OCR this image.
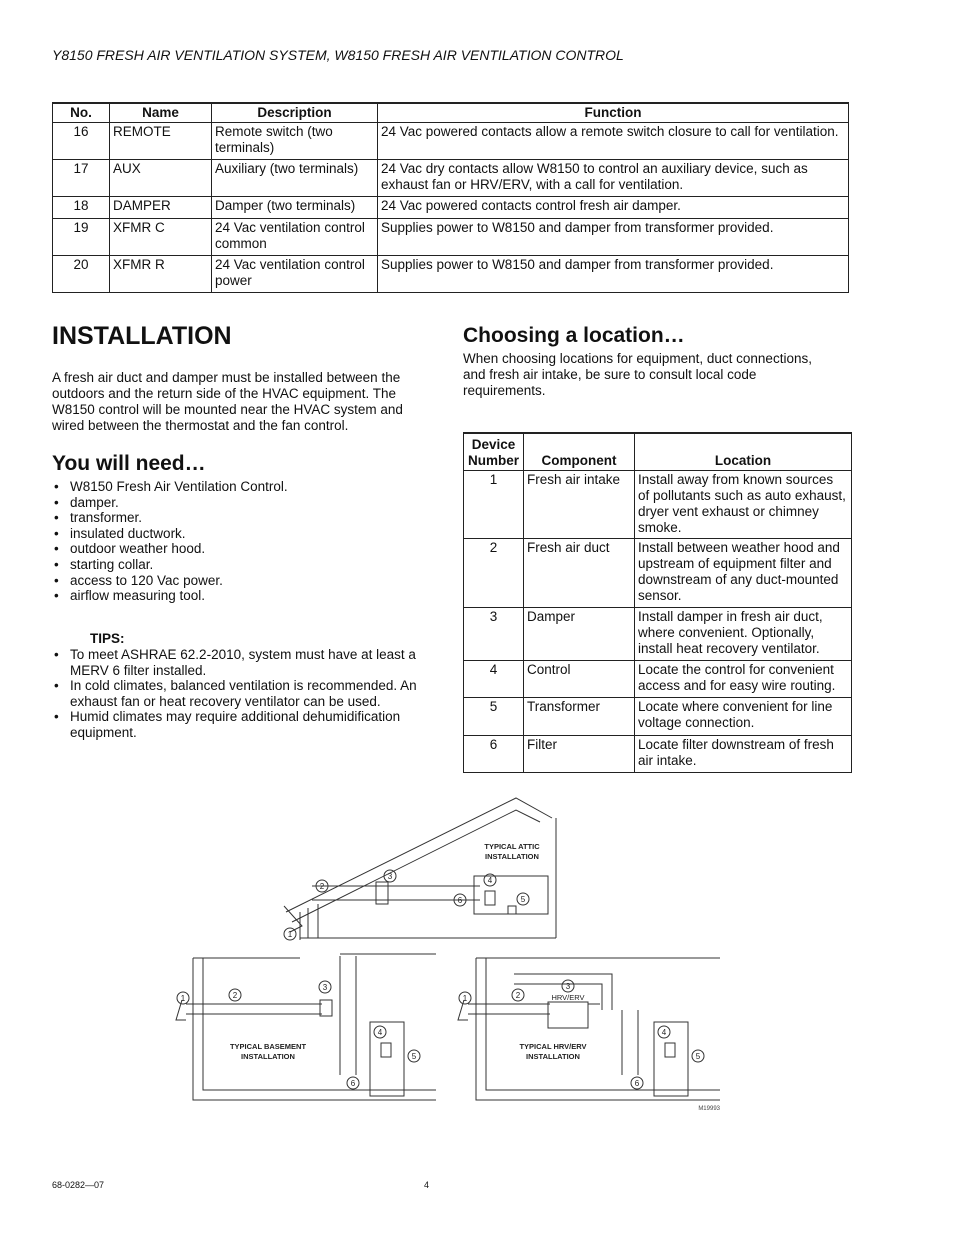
Y8150 FRESH AIR VENTILATION SYSTEM, W8150 FRESH AIR VENTILATION CONTROL
No.	Name	Description	Function
16	REMOTE	Remote switch (two terminals)	24 Vac powered contacts allow a remote switch closure to call for ventilation.
17	AUX	Auxiliary (two terminals)	24 Vac dry contacts allow W8150 to control an auxiliary device, such as exhaust fan or HRV/ERV, with a call for ventilation.
18	DAMPER	Damper (two terminals)	24 Vac powered contacts control fresh air damper.
19	XFMR C	24 Vac ventilation control common	Supplies power to W8150 and damper from transformer provided.
20	XFMR R	24 Vac ventilation control power	Supplies power to W8150 and damper from transformer provided.
INSTALLATION
A fresh air duct and damper must be installed between the outdoors and the return side of the HVAC equipment. The W8150 control will be mounted near the HVAC system and wired between the thermostat and the fan control.
You will need…
• W8150 Fresh Air Ventilation Control.
• damper.
• transformer.
• insulated ductwork.
• outdoor weather hood.
• starting collar.
• access to 120 Vac power.
• airflow measuring tool.
TIPS:
• To meet ASHRAE 62.2-2010, system must have at least a MERV 6 filter installed.
• In cold climates, balanced ventilation is recommended. An exhaust fan or heat recovery ventilator can be used.
• Humid climates may require additional dehumidification equipment.
Choosing a location…
When choosing locations for equipment, duct connections, and fresh air intake, be sure to consult local code requirements.
Device Number	Component	Location
1	Fresh air intake	Install away from known sources of pollutants such as auto exhaust, dryer vent exhaust or chimney smoke.
2	Fresh air duct	Install between weather hood and upstream of equipment filter and downstream of any duct-mounted sensor.
3	Damper	Install damper in fresh air duct, where convenient. Optionally, install heat recovery ventilator.
4	Control	Locate the control for convenient access and for easy wire routing.
5	Transformer	Locate where convenient for line voltage connection.
6	Filter	Locate filter downstream of fresh air intake.
1
2
3	4
5
6
1	2
3
4
5
6
1	2
3
4
5
6
TYPICAL ATTIC
INSTALLATION
TYPICAL BASEMENT
INSTALLATION
TYPICAL HRV/ERV
INSTALLATION
HRV/ERV
M19993
68-0282—07	4
